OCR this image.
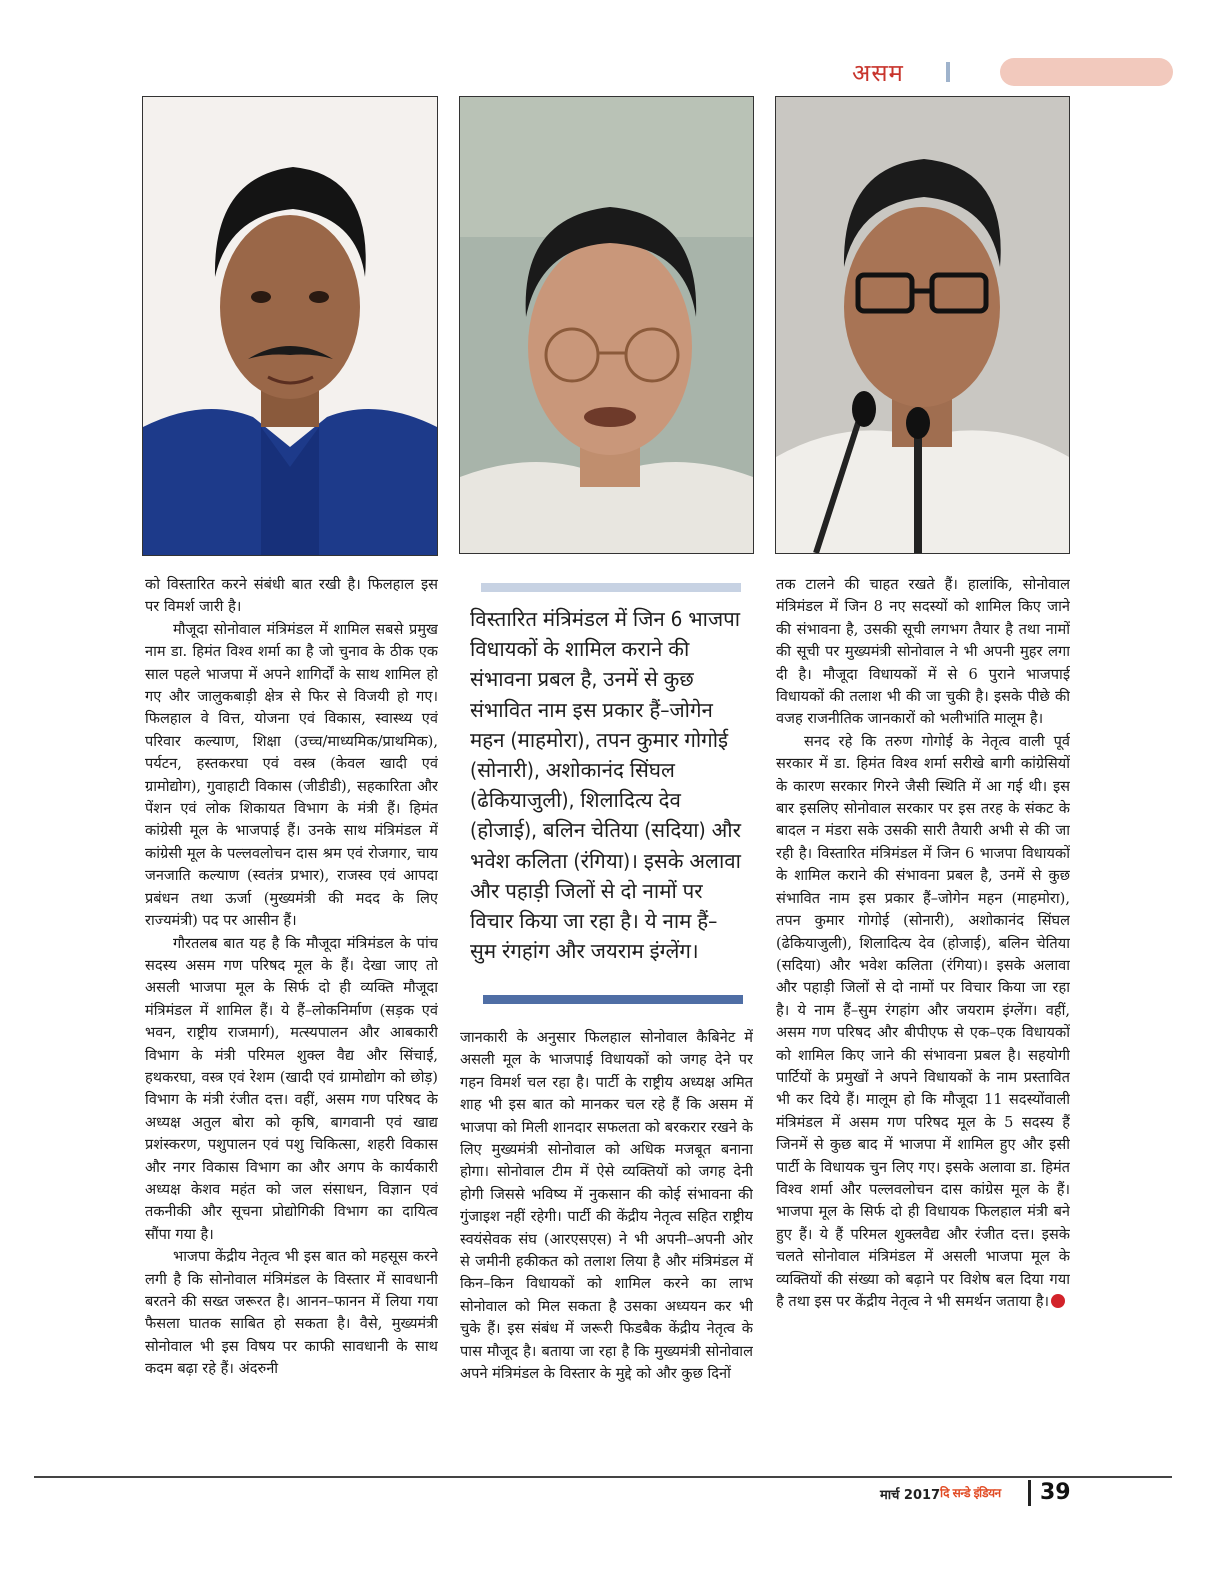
असम

को विस्तारित करने संबंधी बात रखी है। फिलहाल इस पर विमर्श जारी है।

मौजूदा सोनोवाल मंत्रिमंडल में शामिल सबसे प्रमुख नाम डा. हिमंत विश्व शर्मा का है जो चुनाव के ठीक एक साल पहले भाजपा में अपने शागिर्दों के साथ शामिल हो गए और जालुकबाड़ी क्षेत्र से फिर से विजयी हो गए। फिलहाल वे वित्त, योजना एवं विकास, स्वास्थ्य एवं परिवार कल्याण, शिक्षा (उच्च/माध्यमिक/प्राथमिक), पर्यटन, हस्तकरघा एवं वस्त्र (केवल खादी एवं ग्रामोद्योग), गुवाहाटी विकास (जीडीडी), सहकारिता और पेंशन एवं लोक शिकायत विभाग के मंत्री हैं। हिमंत कांग्रेसी मूल के भाजपाई हैं। उनके साथ मंत्रिमंडल में कांग्रेसी मूल के पल्लवलोचन दास श्रम एवं रोजगार, चाय जनजाति कल्याण (स्वतंत्र प्रभार), राजस्व एवं आपदा प्रबंधन तथा ऊर्जा (मुख्यमंत्री की मदद के लिए राज्यमंत्री) पद पर आसीन हैं।

गौरतलब बात यह है कि मौजूदा मंत्रिमंडल के पांच सदस्य असम गण परिषद मूल के हैं। देखा जाए तो असली भाजपा मूल के सिर्फ दो ही व्यक्ति मौजूदा मंत्रिमंडल में शामिल हैं। ये हैं–लोकनिर्माण (सड़क एवं भवन, राष्ट्रीय राजमार्ग), मत्स्यपालन और आबकारी विभाग के मंत्री परिमल शुक्ल वैद्य और सिंचाई, हथकरघा, वस्त्र एवं रेशम (खादी एवं ग्रामोद्योग को छोड़) विभाग के मंत्री रंजीत दत्त। वहीं, असम गण परिषद के अध्यक्ष अतुल बोरा को कृषि, बागवानी एवं खाद्य प्रशंस्करण, पशुपालन एवं पशु चिकित्सा, शहरी विकास और नगर विकास विभाग का और अगप के कार्यकारी अध्यक्ष केशव महंत को जल संसाधन, विज्ञान एवं तकनीकी और सूचना प्रोद्योगिकी विभाग का दायित्व सौंपा गया है।

भाजपा केंद्रीय नेतृत्व भी इस बात को महसूस करने लगी है कि सोनोवाल मंत्रिमंडल के विस्तार में सावधानी बरतने की सख्त जरूरत है। आनन–फानन में लिया गया फैसला घातक साबित हो सकता है। वैसे, मुख्यमंत्री सोनोवाल भी इस विषय पर काफी सावधानी के साथ कदम बढ़ा रहे हैं। अंदरुनी

विस्तारित मंत्रिमंडल में जिन 6 भाजपा विधायकों के शामिल कराने की संभावना प्रबल है, उनमें से कुछ संभावित नाम इस प्रकार हैं–जोगेन महन (माहमोरा), तपन कुमार गोगोई (सोनारी), अशोकानंद सिंघल (ढेकियाजुली), शिलादित्य देव (होजाई), बलिन चेतिया (सदिया) और भवेश कलिता (रंगिया)। इसके अलावा और पहाड़ी जिलों से दो नामों पर विचार किया जा रहा है। ये नाम हैं–सुम रंगहांग और जयराम इंग्लेंग।

जानकारी के अनुसार फिलहाल सोनोवाल कैबिनेट में असली मूल के भाजपाई विधायकों को जगह देने पर गहन विमर्श चल रहा है। पार्टी के राष्ट्रीय अध्यक्ष अमित शाह भी इस बात को मानकर चल रहे हैं कि असम में भाजपा को मिली शानदार सफलता को बरकरार रखने के लिए मुख्यमंत्री सोनोवाल को अधिक मजबूत बनाना होगा। सोनोवाल टीम में ऐसे व्यक्तियों को जगह देनी होगी जिससे भविष्य में नुकसान की कोई संभावना की गुंजाइश नहीं रहेगी। पार्टी की केंद्रीय नेतृत्व सहित राष्ट्रीय स्वयंसेवक संघ (आरएसएस) ने भी अपनी–अपनी ओर से जमीनी हकीकत को तलाश लिया है और मंत्रिमंडल में किन–किन विधायकों को शामिल करने का लाभ सोनोवाल को मिल सकता है उसका अध्ययन कर भी चुके हैं। इस संबंध में जरूरी फिडबैक केंद्रीय नेतृत्व के पास मौजूद है। बताया जा रहा है कि मुख्यमंत्री सोनोवाल अपने मंत्रिमंडल के विस्तार के मुद्दे को और कुछ दिनों

तक टालने की चाहत रखते हैं। हालांकि, सोनोवाल मंत्रिमंडल में जिन 8 नए सदस्यों को शामिल किए जाने की संभावना है, उसकी सूची लगभग तैयार है तथा नामों की सूची पर मुख्यमंत्री सोनोवाल ने भी अपनी मुहर लगा दी है। मौजूदा विधायकों में से 6 पुराने भाजपाई विधायकों की तलाश भी की जा चुकी है। इसके पीछे की वजह राजनीतिक जानकारों को भलीभांति मालूम है।

सनद रहे कि तरुण गोगोई के नेतृत्व वाली पूर्व सरकार में डा. हिमंत विश्व शर्मा सरीखे बागी कांग्रेसियों के कारण सरकार गिरने जैसी स्थिति में आ गई थी। इस बार इसलिए सोनोवाल सरकार पर इस तरह के संकट के बादल न मंडरा सके उसकी सारी तैयारी अभी से की जा रही है। विस्तारित मंत्रिमंडल में जिन 6 भाजपा विधायकों के शामिल कराने की संभावना प्रबल है, उनमें से कुछ संभावित नाम इस प्रकार हैं–जोगेन महन (माहमोरा), तपन कुमार गोगोई (सोनारी), अशोकानंद सिंघल (ढेकियाजुली), शिलादित्य देव (होजाई), बलिन चेतिया (सदिया) और भवेश कलिता (रंगिया)। इसके अलावा और पहाड़ी जिलों से दो नामों पर विचार किया जा रहा है। ये नाम हैं–सुम रंगहांग और जयराम इंग्लेंग। वहीं, असम गण परिषद और बीपीएफ से एक–एक विधायकों को शामिल किए जाने की संभावना प्रबल है। सहयोगी पार्टियों के प्रमुखों ने अपने विधायकों के नाम प्रस्तावित भी कर दिये हैं। मालूम हो कि मौजूदा 11 सदस्योंवाली मंत्रिमंडल में असम गण परिषद मूल के 5 सदस्य हैं जिनमें से कुछ बाद में भाजपा में शामिल हुए और इसी पार्टी के विधायक चुन लिए गए। इसके अलावा डा. हिमंत विश्व शर्मा और पल्लवलोचन दास कांग्रेस मूल के हैं। भाजपा मूल के सिर्फ दो ही विधायक फिलहाल मंत्री बने हुए हैं। ये हैं परिमल शुक्लवैद्य और रंजीत दत्त। इसके चलते सोनोवाल मंत्रिमंडल में असली भाजपा मूल के व्यक्तियों की संख्या को बढ़ाने पर विशेष बल दिया गया है तथा इस पर केंद्रीय नेतृत्व ने भी समर्थन जताया है।

मार्च 2017 दि सन्डे इंडियन 39
